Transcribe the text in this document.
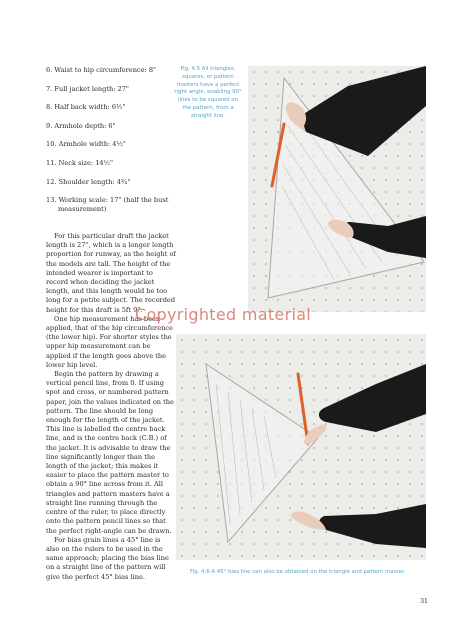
6. Waist to hip circumference: 8"
7. Full jacket length: 27"
8. Half back width: 6½"
9. Armhole depth: 6"
10. Armhole width: 4½"
11. Neck size: 14½"
12. Shoulder length: 4¾"
13. Working scale: 17" (half the bust
measurement)

For this particular draft the jacket length is 27", which is a longer length proportion for runway, as the height of the models are tall. The height of the intended wearer is important to record when deciding the jacket length, and this length would be too long for a petite subject. The recorded height for this draft is 5ft 9".

One hip measurement has been applied, that of the hip circumference (the lower hip). For shorter styles the upper hip measurement can be applied if the length goes above the lower hip level.

Begin the pattern by drawing a vertical pencil line, from 0. If using spot and cross, or numbered pattern paper, join the values indicated on the pattern. The line should be long enough for the length of the jacket. This line is labelled the centre back line, and is the centre back (C.B.) of the jacket. It is advisable to draw the line significantly longer than the length of the jacket; this makes it easier to place the pattern master to obtain a 90° line across from it. All triangles and pattern masters have a straight line running through the centre of the ruler, to place directly onto the pattern pencil lines so that the perfect right-angle can be drawn.

For bias grain lines a 45° line is also on the rulers to be used in the same approach; placing the bias line on a straight line of the pattern will give the perfect 45° bias line.

Fig. 4.5 All triangles, squares, or pattern masters have a perfect right angle, enabling 90° lines to be squared on the pattern, from a straight line.
Copyrighted material
Fig. 4.6 A 45° bias line can also be obtained on the triangle and pattern master.
31
